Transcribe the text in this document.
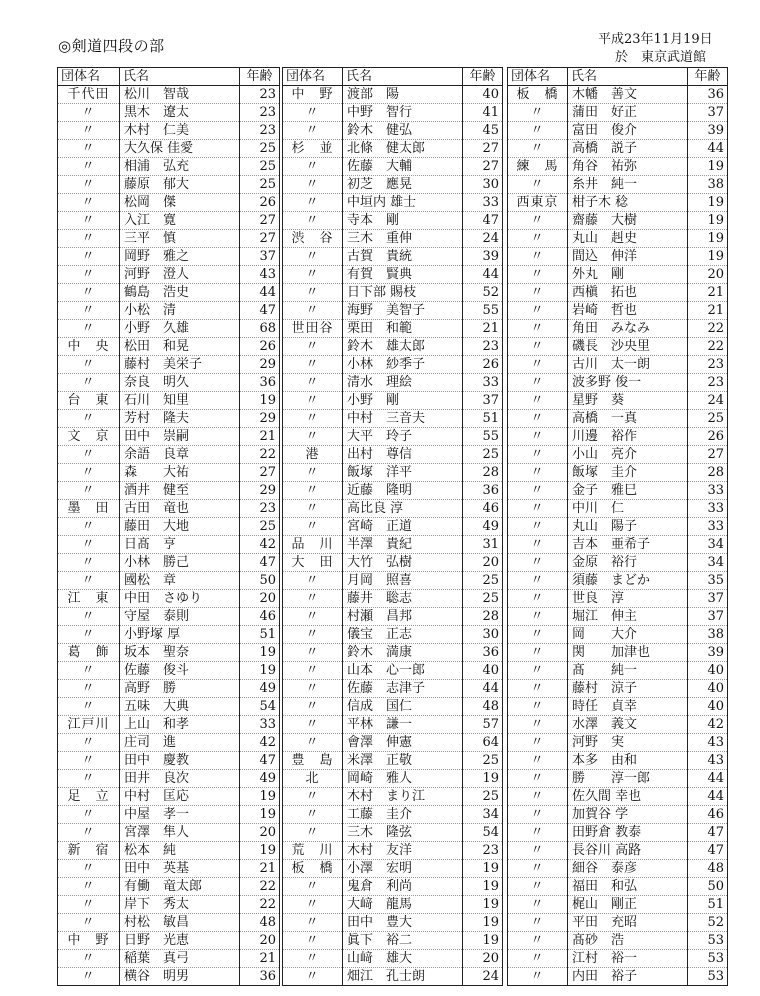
◎剣道四段の部	平成23年11月19日
於　東京武道館
団体名	氏名	年齢
千代田	松川　智哉	23
〃	黒木　遼太	23
〃	木村　仁美	23
〃	大久保 佳愛	25
〃	相浦　弘充	25
〃	藤原　郁大	25
〃	松岡　傑	26
〃	入江　寛	27
〃	三平　慎	27
〃	岡野　雅之	37
〃	河野　澄人	43
〃	鶴島　浩史	44
〃	小松　清	47
〃	小野　久雄	68
中　央	松田　和晃	26
〃	藤村　美栄子	29
〃	奈良　明久	36
台　東	石川　知里	19
〃	芳村　隆夫	29
文　京	田中　崇嗣	21
〃	余語　良章	22
〃	森　　大祐	27
〃	酒井　健至	29
墨　田	古田　竜也	23
〃	藤田　大地	25
〃	日髙　亨	42
〃	小林　勝己	47
〃	國松　章	50
江　東	中田　さゆり	20
〃	守屋　泰則	46
〃	小野塚 厚	51
葛　飾	坂本　聖奈	19
〃	佐藤　俊斗	19
〃	高野　勝	49
〃	五味　大典	54
江戸川	上山　和孝	33
〃	庄司　進	42
〃	田中　慶教	47
〃	田井　良次	49
足　立	中村　匡応	19
〃	中屋　孝一	19
〃	宮澤　隼人	20
新　宿	松本　純	19
〃	田中　英基	21
〃	有働　竜太郎	22
〃	岸下　秀太	22
〃	村松　敏昌	48
中　野	日野　光恵	20
〃	稲葉　真弓	21
〃	横谷　明男	36
団体名	氏名	年齢
中　野	渡部　陽	40
〃	中野　智行	41
〃	鈴木　健弘	45
杉　並	北條　健太郎	27
〃	佐藤　大輔	27
〃	初芝　應晃	30
〃	中垣内 雄士	33
〃	寺本　剛	47
渋　谷	三木　重伸	24
〃	古賀　貴統	39
〃	有賀　賢典	44
〃	日下部 賜枝	52
〃	海野　美智子	55
世田谷	栗田　和範	21
〃	鈴木　雄太郎	23
〃	小林　紗季子	26
〃	清水　理絵	33
〃	小野　剛	37
〃	中村　三音夫	51
〃	大平　玲子	55
港	出村　尊信	25
〃	飯塚　洋平	28
〃	近藤　隆明	36
〃	高比良 淳	46
〃	宮崎　正道	49
品　川	半澤　貴紀	31
大　田	大竹　弘樹	20
〃	月岡　照喜	25
〃	藤井　聡志	25
〃	村瀬　昌邦	28
〃	儀宝　正志	30
〃	鈴木　満康	36
〃	山本　心一郎	40
〃	佐藤　志津子	44
〃	信成　国仁	48
〃	平林　謙一	57
〃	會澤　伸憲	64
豊　島	米澤　正敬	25
北	岡崎　雅人	19
〃	木村　まり江	25
〃	工藤　圭介	34
〃	三木　隆弦	54
荒　川	木村　友洋	23
板　橋	小澤　宏明	19
〃	鬼倉　利尚	19
〃	大﨑　龍馬	19
〃	田中　豊大	19
〃	眞下　裕二	19
〃	山﨑　雄大	20
〃	畑江　孔士朗	24
団体名	氏名	年齢
板　橋	木幡　善文	36
〃	蒲田　好正	37
〃	富田　俊介	39
〃	高橋　説子	44
練　馬	角谷　祐弥	19
〃	糸井　純一	38
西東京	柑子木 稔	19
〃	齋藤　大樹	19
〃	丸山　赳史	19
〃	間込　伸洋	19
〃	外丸　剛	20
〃	西槇　拓也	21
〃	岩崎　哲也	21
〃	角田　みなみ	22
〃	磯長　沙央里	22
〃	古川　太一朗	23
〃	波多野 俊一	23
〃	星野　葵	24
〃	高橋　一真	25
〃	川邊　裕作	26
〃	小山　亮介	27
〃	飯塚　圭介	28
〃	金子　雅巳	33
〃	中川　仁	33
〃	丸山　陽子	33
〃	吉本　亜希子	34
〃	金原　裕行	34
〃	須藤　まどか	35
〃	世良　淳	37
〃	堀江　伸主	37
〃	岡　　大介	38
〃	関　　加津也	39
〃	髙　　純一	40
〃	藤村　涼子	40
〃	時任　貞幸	40
〃	水澤　義文	42
〃	河野　実	43
〃	本多　由和	43
〃	勝　　淳一郎	44
〃	佐久間 幸也	44
〃	加賀谷 学	46
〃	田野倉 教泰	47
〃	長谷川 高路	47
〃	細谷　泰彦	48
〃	福田　和弘	50
〃	梶山　剛正	51
〃	平田　充昭	52
〃	髙砂　浩	53
〃	江村　裕一	53
〃	内田　裕子	53
